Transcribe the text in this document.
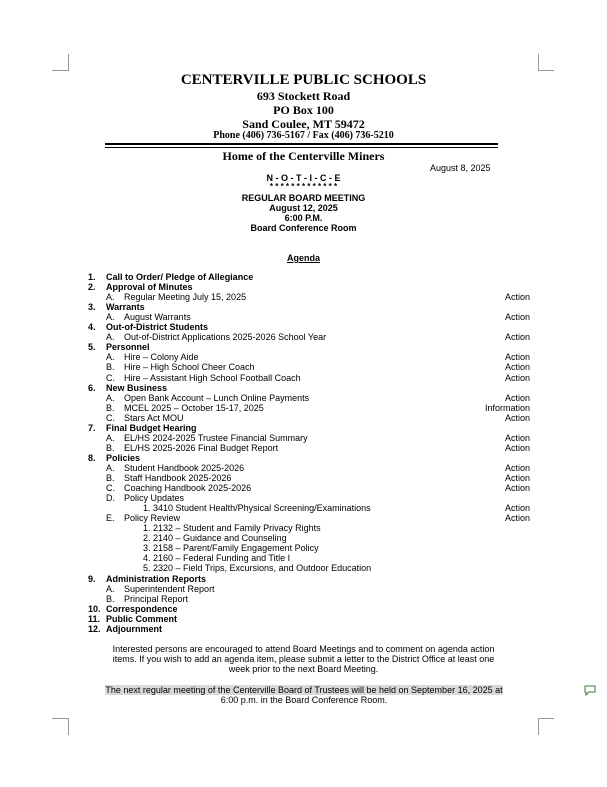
CENTERVILLE PUBLIC SCHOOLS
693 Stockett Road
PO Box 100
Sand Coulee, MT 59472
Phone (406) 736-5167 / Fax (406) 736-5210
Home of the Centerville Miners
August 8, 2025
N - O - T - I - C - E
* * * * * * * * * * * * *
REGULAR BOARD MEETING
August 12, 2025
6:00 P.M.
Board Conference Room
Agenda
1.	Call to Order/ Pledge of Allegiance
2.	Approval of Minutes
A. Regular Meeting July 15, 2025	Action
3.	Warrants
A. August Warrants	Action
4.	Out-of-District Students
A. Out-of-District Applications 2025-2026 School Year	Action
5.	Personnel
A. Hire – Colony Aide	Action
B. Hire – High School Cheer Coach	Action
C. Hire – Assistant High School Football Coach	Action
6.	New Business
A. Open Bank Account – Lunch Online Payments	Action
B. MCEL 2025 – October 15-17, 2025	Information
C. Stars Act MOU	Action
7.	Final Budget Hearing
A. EL/HS 2024-2025 Trustee Financial Summary	Action
B. EL/HS 2025-2026 Final Budget Report	Action
8.	Policies
A. Student Handbook 2025-2026	Action
B. Staff Handbook 2025-2026	Action
C. Coaching Handbook 2025-2026	Action
D. Policy Updates
1. 3410 Student Health/Physical Screening/Examinations	Action
E. Policy Review	Action
1. 2132 – Student and Family Privacy Rights
2. 2140 – Guidance and Counseling
3. 2158 – Parent/Family Engagement Policy
4. 2160 – Federal Funding and Title I
5. 2320 – Field Trips, Excursions, and Outdoor Education
9.	Administration Reports
A. Superintendent Report
B. Principal Report
10. Correspondence
11. Public Comment
12. Adjournment
Interested persons are encouraged to attend Board Meetings and to comment on agenda action
items. If you wish to add an agenda item, please submit a letter to the District Office at least one
week prior to the next Board Meeting.
The next regular meeting of the Centerville Board of Trustees will be held on September 16, 2025 at
6:00 p.m. in the Board Conference Room.
